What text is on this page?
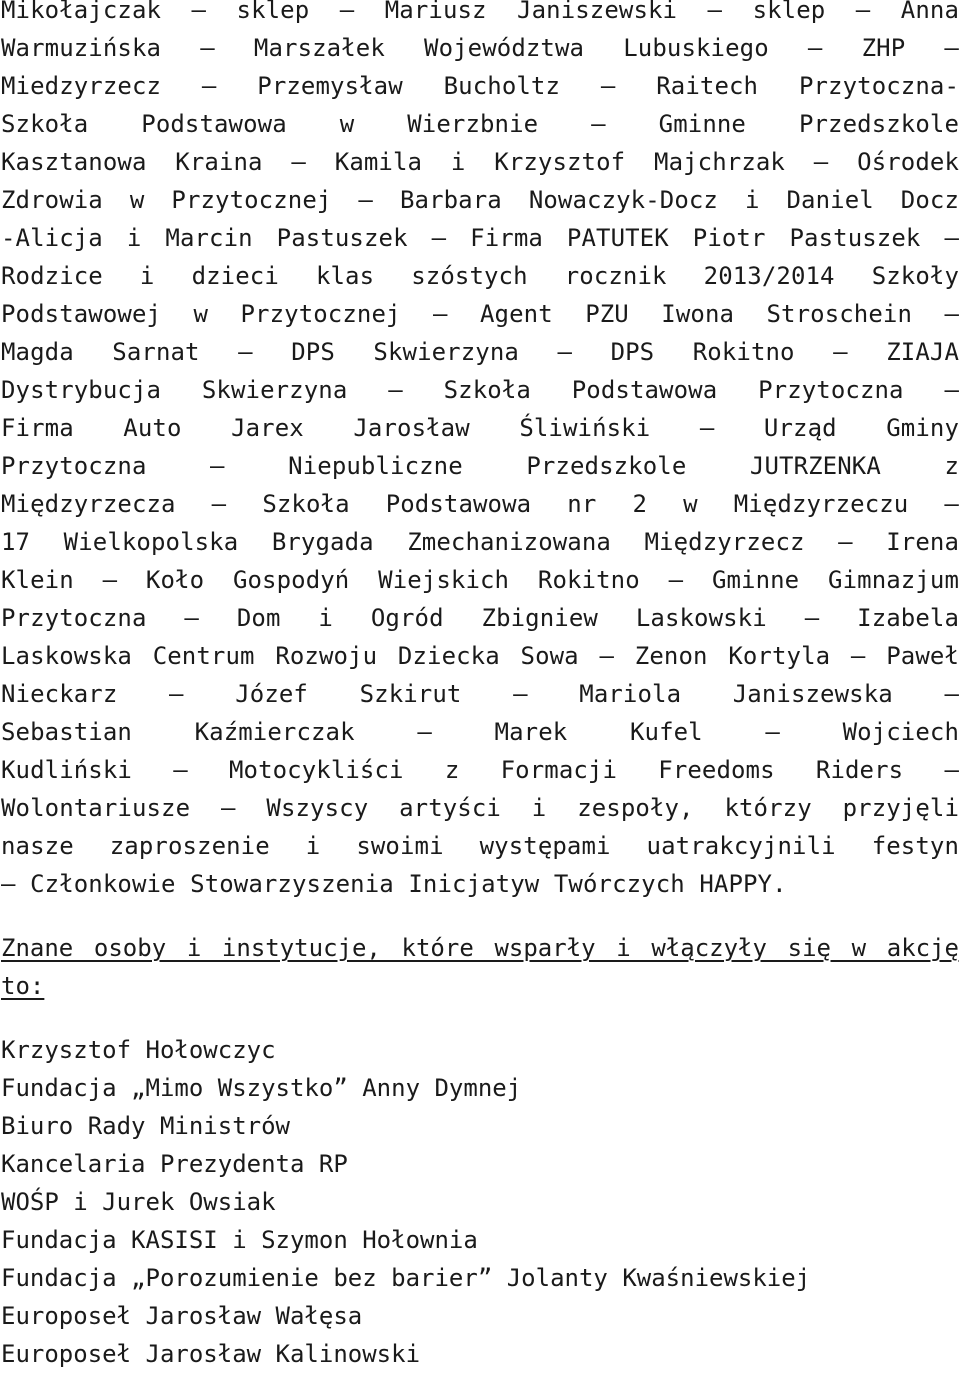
Mikołajczak – sklep – Mariusz Janiszewski – sklep – Anna
Warmuzińska – Marszałek Województwa Lubuskiego – ZHP –
Miedzyrzecz – Przemysław Bucholtz – Raitech Przytoczna-
Szkoła Podstawowa w Wierzbnie – Gminne Przedszkole
Kasztanowa Kraina – Kamila i Krzysztof Majchrzak – Ośrodek
Zdrowia w Przytocznej – Barbara Nowaczyk-Docz i Daniel Docz
-Alicja i Marcin Pastuszek – Firma PATUTEK Piotr Pastuszek –
Rodzice i dzieci klas szóstych rocznik 2013/2014 Szkoły
Podstawowej w Przytocznej – Agent PZU Iwona Stroschein –
Magda Sarnat – DPS Skwierzyna – DPS Rokitno – ZIAJA
Dystrybucja Skwierzyna – Szkoła Podstawowa Przytoczna –
Firma Auto Jarex Jarosław Śliwiński – Urząd Gminy
Przytoczna – Niepubliczne Przedszkole JUTRZENKA z
Międzyrzecza – Szkoła Podstawowa nr 2 w Międzyrzeczu –
17 Wielkopolska Brygada Zmechanizowana Międzyrzecz – Irena
Klein – Koło Gospodyń Wiejskich Rokitno – Gminne Gimnazjum
Przytoczna – Dom i Ogród Zbigniew Laskowski – Izabela
Laskowska Centrum Rozwoju Dziecka Sowa – Zenon Kortyla – Paweł
Nieckarz – Józef Szkirut – Mariola Janiszewska –
Sebastian Kaźmierczak – Marek Kufel – Wojciech
Kudliński – Motocykliści z Formacji Freedoms Riders –
Wolontariusze – Wszyscy artyści i zespoły, którzy przyjęli
nasze zaproszenie i swoimi występami uatrakcyjnili festyn
– Członkowie Stowarzyszenia Inicjatyw Twórczych HAPPY.

Znane osoby i instytucje, które wsparły i włączyły się w akcję
to:
Krzysztof Hołowczyc
Fundacja „Mimo Wszystko” Anny Dymnej
Biuro Rady Ministrów
Kancelaria Prezydenta RP
WOŚP i Jurek Owsiak
Fundacja KASISI i Szymon Hołownia
Fundacja „Porozumienie bez barier” Jolanty Kwaśniewskiej
Europoseł Jarosław Wałęsa
Europoseł Jarosław Kalinowski
